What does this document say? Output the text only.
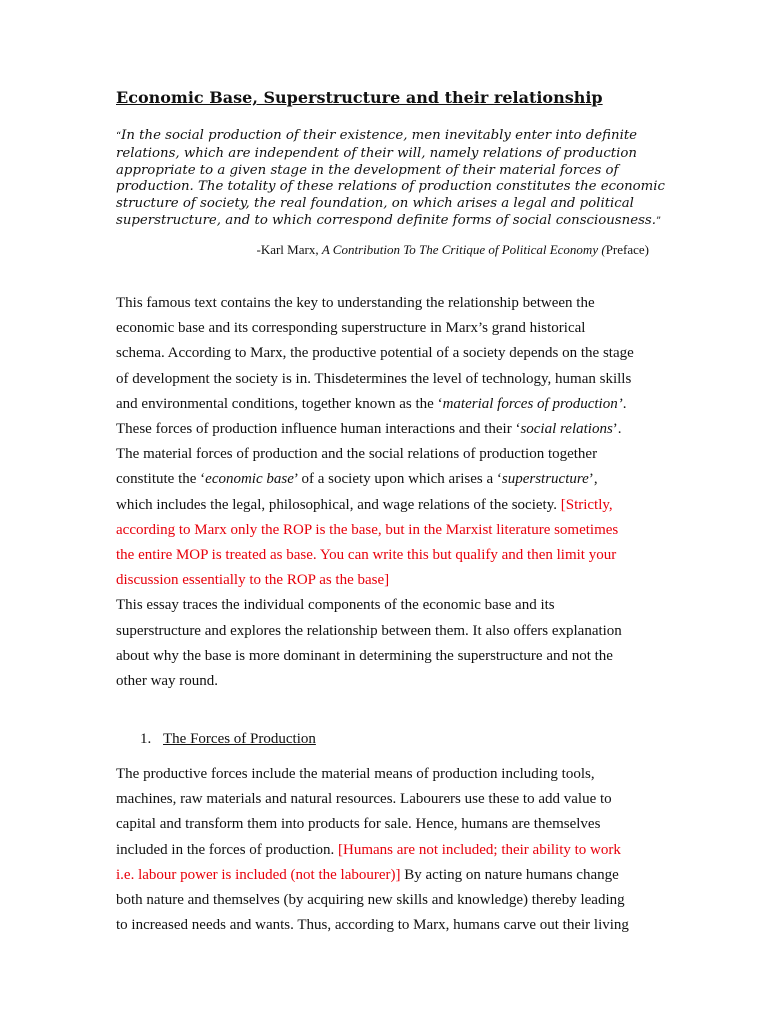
Economic Base, Superstructure and their relationship
“In the social production of their existence, men inevitably enter into definite
relations, which are independent of their will, namely relations of production
appropriate to a given stage in the development of their material forces of
production. The totality of these relations of production constitutes the economic
structure of society, the real foundation, on which arises a legal and political
superstructure, and to which correspond definite forms of social consciousness.”
-Karl Marx, A Contribution To The Critique of Political Economy (Preface)
This famous text contains the key to understanding the relationship between the
economic base and its corresponding superstructure in Marx’s grand historical
schema. According to Marx, the productive potential of a society depends on the stage
of development the society is in. Thisdetermines the level of technology, human skills
and environmental conditions, together known as the ‘material forces of production’.
These forces of production influence human interactions and their ‘social relations’.
The material forces of production and the social relations of production together
constitute the ‘economic base’ of a society upon which arises a ‘superstructure’,
which includes the legal, philosophical, and wage relations of the society. [Strictly,
according to Marx only the ROP is the base, but in the Marxist literature sometimes
the entire MOP is treated as base. You can write this but qualify and then limit your
discussion essentially to the ROP as the base]
This essay traces the individual components of the economic base and its
superstructure and explores the relationship between them. It also offers explanation
about why the base is more dominant in determining the superstructure and not the
other way round.
1. The Forces of Production
The productive forces include the material means of production including tools,
machines, raw materials and natural resources. Labourers use these to add value to
capital and transform them into products for sale. Hence, humans are themselves
included in the forces of production. [Humans are not included; their ability to work
i.e. labour power is included (not the labourer)] By acting on nature humans change
both nature and themselves (by acquiring new skills and knowledge) thereby leading
to increased needs and wants. Thus, according to Marx, humans carve out their living
